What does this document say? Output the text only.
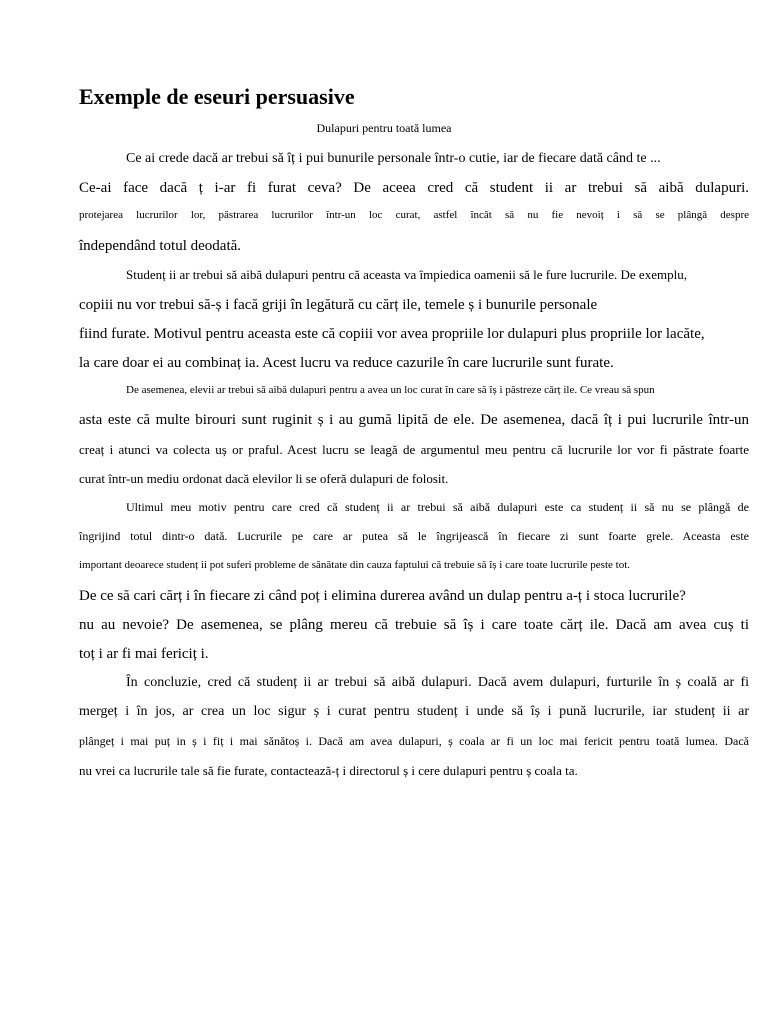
Exemple de eseuri persuasive
Dulapuri pentru toată lumea
Ce ai crede dacă ar trebui să îț i pui bunurile personale într-o cutie, iar de fiecare dată când te ...
Ce-ai face dacă ț i-ar fi furat ceva? De aceea cred că student ii ar trebui să aibă dulapuri.
protejarea lucrurilor lor, păstrarea lucrurilor într-un loc curat, astfel încât să nu fie nevoiț i să se plângă despre
îndependând totul deodată.
Studenț ii ar trebui să aibă dulapuri pentru că aceasta va împiedica oamenii să le fure lucrurile. De exemplu,
copiii nu vor trebui să-ș i facă griji în legătură cu cărț ile, temele ș i bunurile personale
fiind furate. Motivul pentru aceasta este că copiii vor avea propriile lor dulapuri plus propriile lor lacăte,
la care doar ei au combinaț ia. Acest lucru va reduce cazurile în care lucrurile sunt furate.
De asemenea, elevii ar trebui să aibă dulapuri pentru a avea un loc curat în care să îș i păstreze cărț ile. Ce vreau să spun
asta este că multe birouri sunt ruginit ș i au gumă lipită de ele. De asemenea, dacă îț i pui lucrurile într-un
creaț i atunci va colecta uș or praful. Acest lucru se leagă de argumentul meu pentru că lucrurile lor vor fi păstrate foarte
curat într-un mediu ordonat dacă elevilor li se oferă dulapuri de folosit.
Ultimul meu motiv pentru care cred că studenț ii ar trebui să aibă dulapuri este ca studenț ii să nu se plângă de
îngrijind totul dintr-o dată. Lucrurile pe care ar putea să le îngrijească în fiecare zi sunt foarte grele. Aceasta este
important deoarece studenț ii pot suferi probleme de sănătate din cauza faptului că trebuie să îș i care toate lucrurile peste tot.
De ce să cari cărț i în fiecare zi când poț i elimina durerea având un dulap pentru a-ț i stoca lucrurile?
nu au nevoie? De asemenea, se plâng mereu că trebuie să îș i care toate cărț ile. Dacă am avea cuș ti
toț i ar fi mai fericiț i.
În concluzie, cred că studenț ii ar trebui să aibă dulapuri. Dacă avem dulapuri, furturile în ș coală ar fi
mergeț i în jos, ar crea un loc sigur ș i curat pentru studenț i unde să îș i pună lucrurile, iar studenț ii ar
plângeț i mai puț in ș i fiț i mai sănătoș i. Dacă am avea dulapuri, ș coala ar fi un loc mai fericit pentru toată lumea. Dacă
nu vrei ca lucrurile tale să fie furate, contactează-ț i directorul ș i cere dulapuri pentru ș coala ta.
